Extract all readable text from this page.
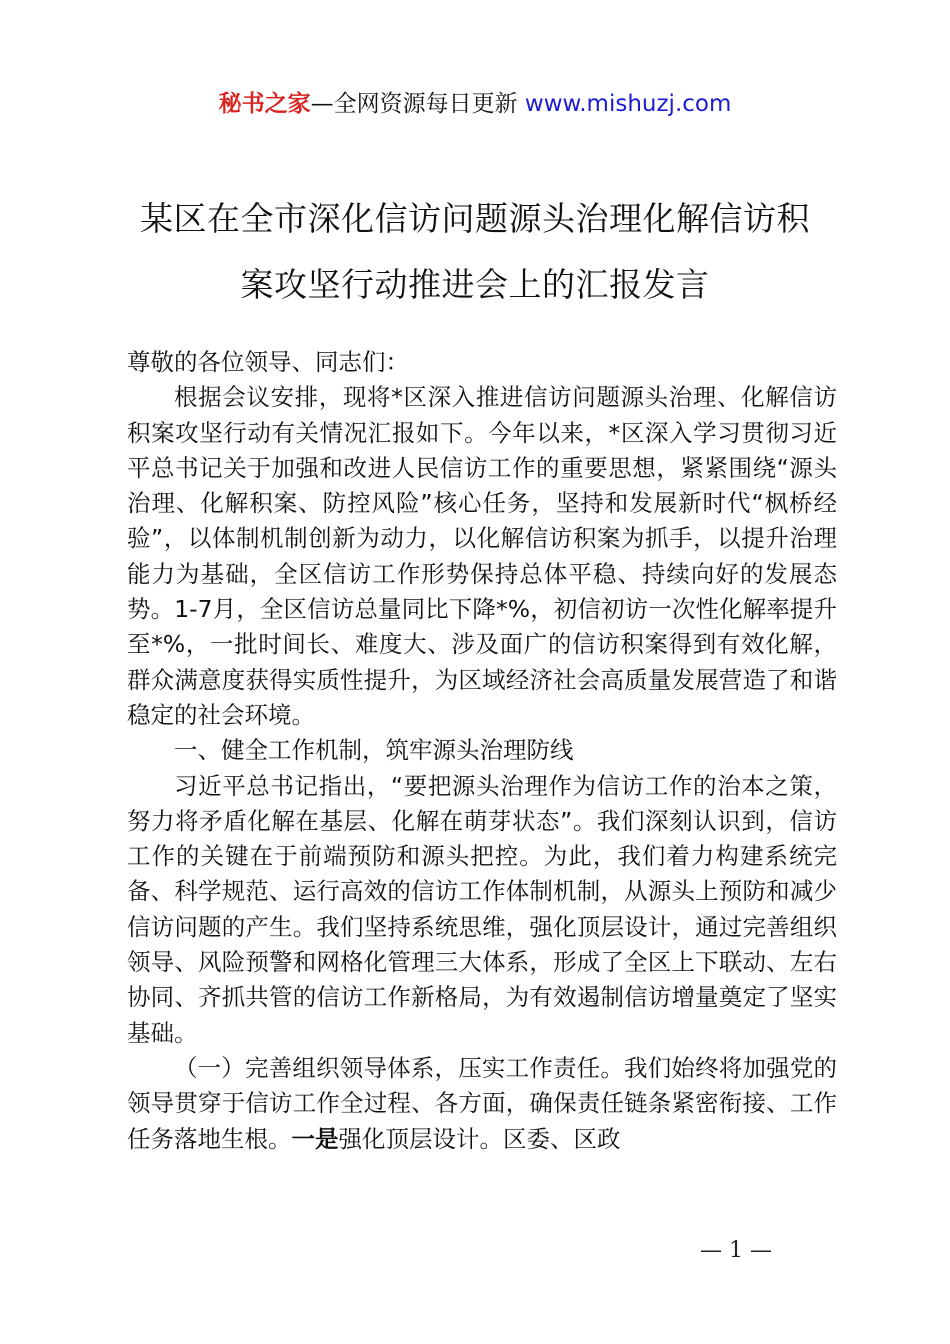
秘书之家—全网资源每日更新 www.mishuzj.com
某区在全市深化信访问题源头治理化解信访积
案攻坚行动推进会上的汇报发言

尊敬的各位领导、同志们：

根据会议安排，现将*区深入推进信访问题源头治理、化解信访积案攻坚行动有关情况汇报如下。今年以来，*区深入学习贯彻习近平总书记关于加强和改进人民信访工作的重要思想，紧紧围绕“源头治理、化解积案、防控风险”核心任务，坚持和发展新时代“枫桥经验”，以体制机制创新为动力，以化解信访积案为抓手，以提升治理能力为基础，全区信访工作形势保持总体平稳、持续向好的发展态势。1-7月，全区信访总量同比下降*%，初信初访一次性化解率提升至*%，一批时间长、难度大、涉及面广的信访积案得到有效化解，群众满意度获得实质性提升，为区域经济社会高质量发展营造了和谐稳定的社会环境。

一、健全工作机制，筑牢源头治理防线

习近平总书记指出，“要把源头治理作为信访工作的治本之策，努力将矛盾化解在基层、化解在萌芽状态”。我们深刻认识到，信访工作的关键在于前端预防和源头把控。为此，我们着力构建系统完备、科学规范、运行高效的信访工作体制机制，从源头上预防和减少信访问题的产生。我们坚持系统思维，强化顶层设计，通过完善组织领导、风险预警和网格化管理三大体系，形成了全区上下联动、左右协同、齐抓共管的信访工作新格局，为有效遏制信访增量奠定了坚实基础。

（一）完善组织领导体系，压实工作责任。我们始终将加强党的领导贯穿于信访工作全过程、各方面，确保责任链条紧密衔接、工作任务落地生根。一是强化顶层设计。区委、区政

— 1 —
